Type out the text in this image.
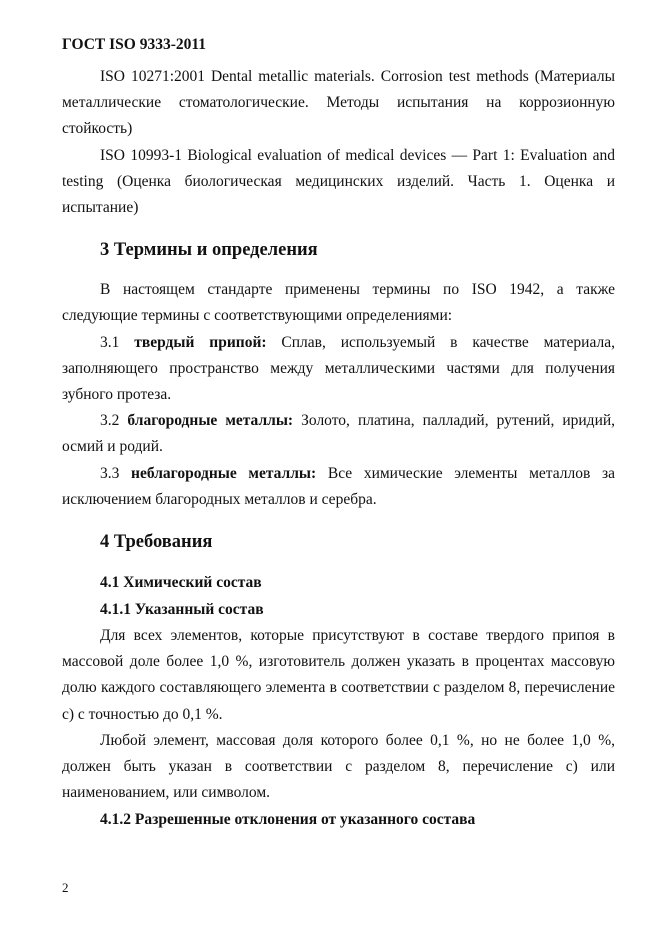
ГОСТ ISO 9333-2011

ISO 10271:2001 Dental metallic materials. Corrosion test methods (Материалы металлические стоматологические. Методы испытания на коррозионную стойкость)

ISO 10993-1 Biological evaluation of medical devices — Part 1: Evaluation and testing (Оценка биологическая медицинских изделий. Часть 1. Оценка и испытание)

3 Термины и определения

В настоящем стандарте применены термины по ISO 1942, а также следующие термины с соответствующими определениями:

3.1 твердый припой: Сплав, используемый в качестве материала, заполняющего пространство между металлическими частями для получения зубного протеза.

3.2 благородные металлы: Золото, платина, палладий, рутений, иридий, осмий и родий.

3.3 неблагородные металлы: Все химические элементы металлов за исключением благородных металлов и серебра.

4 Требования
4.1 Химический состав
4.1.1 Указанный состав

Для всех элементов, которые присутствуют в составе твердого припоя в массовой доле более 1,0 %, изготовитель должен указать в процентах массовую долю каждого составляющего элемента в соответствии с разделом 8, перечисление с) с точностью до 0,1 %.

Любой элемент, массовая доля которого более 0,1 %, но не более 1,0 %, должен быть указан в соответствии с разделом 8, перечисление с) или наименованием, или символом.

4.1.2 Разрешенные отклонения от указанного состава
2
